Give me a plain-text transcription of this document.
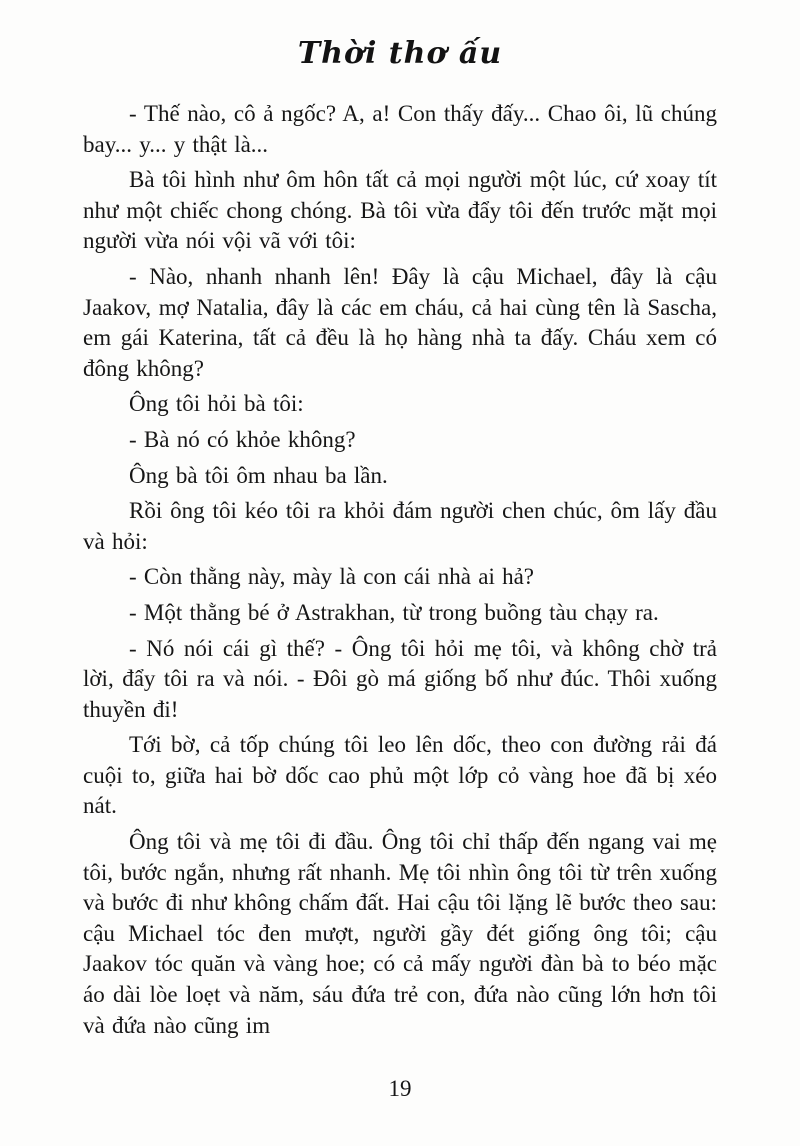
Thời thơ ấu

- Thế nào, cô ả ngốc? A, a! Con thấy đấy... Chao ôi, lũ chúng bay... y... y thật là...

Bà tôi hình như ôm hôn tất cả mọi người một lúc, cứ xoay tít như một chiếc chong chóng. Bà tôi vừa đẩy tôi đến trước mặt mọi người vừa nói vội vã với tôi:

- Nào, nhanh nhanh lên! Đây là cậu Michael, đây là cậu Jaakov, mợ Natalia, đây là các em cháu, cả hai cùng tên là Sascha, em gái Katerina, tất cả đều là họ hàng nhà ta đấy. Cháu xem có đông không?

Ông tôi hỏi bà tôi:

- Bà nó có khỏe không?

Ông bà tôi ôm nhau ba lần.

Rồi ông tôi kéo tôi ra khỏi đám người chen chúc, ôm lấy đầu và hỏi:

- Còn thằng này, mày là con cái nhà ai hả?

- Một thằng bé ở Astrakhan, từ trong buồng tàu chạy ra.

- Nó nói cái gì thế? - Ông tôi hỏi mẹ tôi, và không chờ trả lời, đẩy tôi ra và nói. - Đôi gò má giống bố như đúc. Thôi xuống thuyền đi!

Tới bờ, cả tốp chúng tôi leo lên dốc, theo con đường rải đá cuội to, giữa hai bờ dốc cao phủ một lớp cỏ vàng hoe đã bị xéo nát.

Ông tôi và mẹ tôi đi đầu. Ông tôi chỉ thấp đến ngang vai mẹ tôi, bước ngắn, nhưng rất nhanh. Mẹ tôi nhìn ông tôi từ trên xuống và bước đi như không chấm đất. Hai cậu tôi lặng lẽ bước theo sau: cậu Michael tóc đen mượt, người gầy đét giống ông tôi; cậu Jaakov tóc quăn và vàng hoe; có cả mấy người đàn bà to béo mặc áo dài lòe loẹt và năm, sáu đứa trẻ con, đứa nào cũng lớn hơn tôi và đứa nào cũng im

19
